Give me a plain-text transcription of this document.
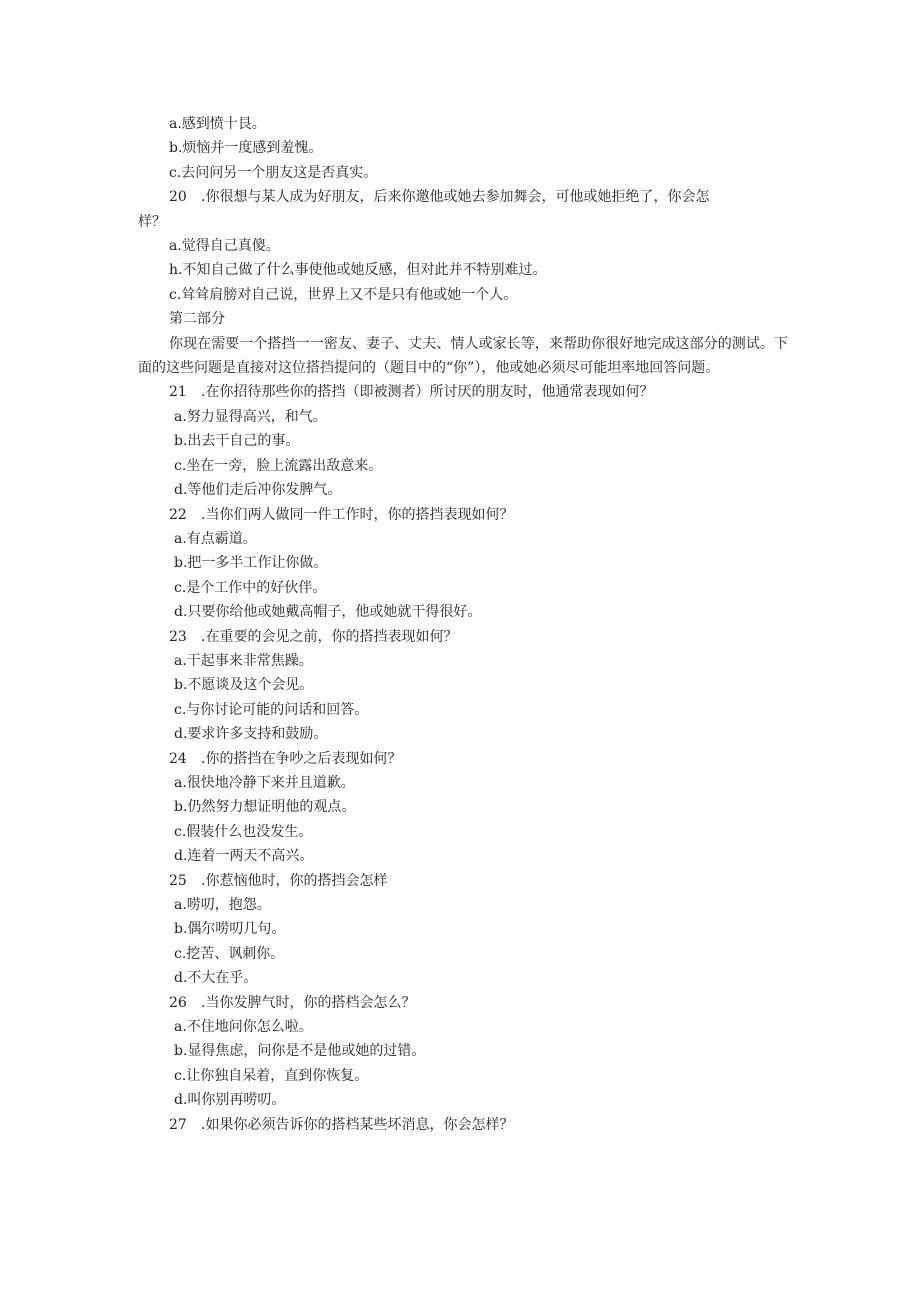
a.感到愤十艮。
b.烦恼并一度感到羞愧。
c.去问问另一个朋友这是否真实。
20 .你很想与某人成为好朋友，后来你邀他或她去参加舞会，可他或她拒绝了，你会怎
样？
a.觉得自己真傻。
h.不知自己做了什么事使他或她反感，但对此并不特别难过。
c.耸耸肩膀对自己说，世界上又不是只有他或她一个人。
第二部分
你现在需要一个搭挡一一密友、妻子、丈夫、情人或家长等，来帮助你很好地完成这部分的测试。下面的这些问题是直接对这位搭挡提问的（题目中的“你”），他或她必须尽可能坦率地回答问题。
21 .在你招待那些你的搭挡（即被测者）所讨厌的朋友时，他通常表现如何？
a.努力显得高兴，和气。
b.出去干自己的事。
c.坐在一旁，脸上流露出敌意来。
d.等他们走后冲你发脾气。
22 .当你们两人做同一件工作时，你的搭挡表现如何？
a.有点霸道。
b.把一多半工作让你做。
c.是个工作中的好伙伴。
d.只要你给他或她戴高帽子，他或她就干得很好。
23 .在重要的会见之前，你的搭挡表现如何？
a.干起事来非常焦躁。
b.不愿谈及这个会见。
c.与你讨论可能的问话和回答。
d.要求许多支持和鼓励。
24 .你的搭挡在争吵之后表现如何？
a.很快地冷静下来并且道歉。
b.仍然努力想证明他的观点。
c.假装什么也没发生。
d.连着一两天不高兴。
25 .你惹恼他时，你的搭挡会怎样
a.唠叨，抱怨。
b.偶尔唠叨几句。
c.挖苦、讽刺你。
d.不大在乎。
26 .当你发脾气时，你的搭档会怎么？
a.不住地问你怎么啦。
b.显得焦虑，问你是不是他或她的过错。
c.让你独自呆着，直到你恢复。
d.叫你别再唠叨。
27 .如果你必须告诉你的搭档某些坏消息，你会怎样？
